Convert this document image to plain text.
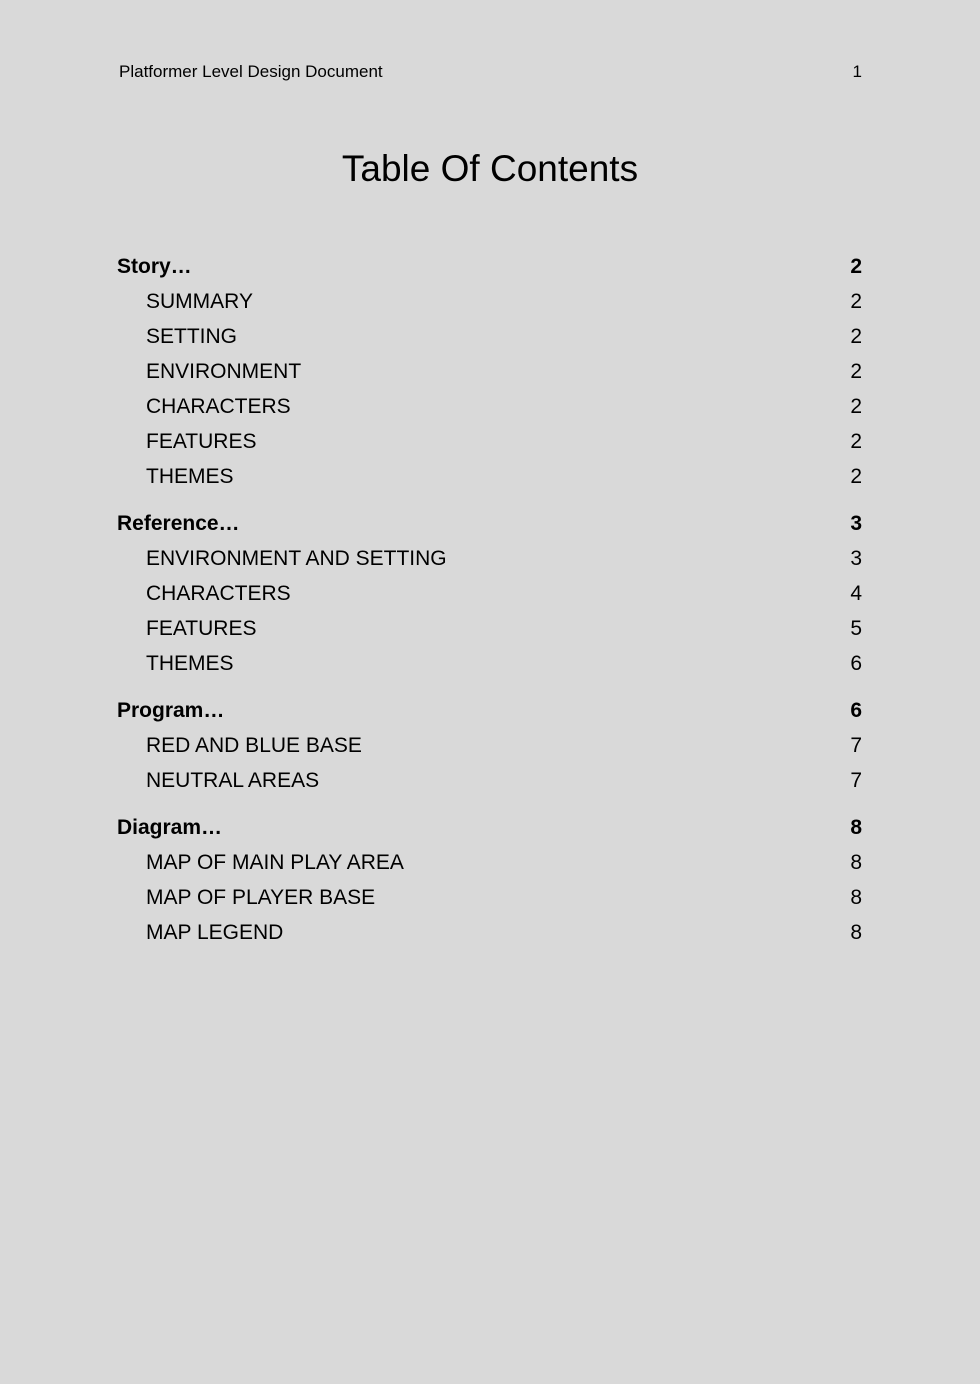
Platformer Level Design Document	1
Table Of Contents
Story…	2
SUMMARY	2
SETTING	2
ENVIRONMENT	2
CHARACTERS	2
FEATURES	2
THEMES	2
Reference…	3
ENVIRONMENT AND SETTING	3
CHARACTERS	4
FEATURES	5
THEMES	6
Program…	6
RED AND BLUE BASE	7
NEUTRAL AREAS	7
Diagram…	8
MAP OF MAIN PLAY AREA	8
MAP OF PLAYER BASE	8
MAP LEGEND	8
